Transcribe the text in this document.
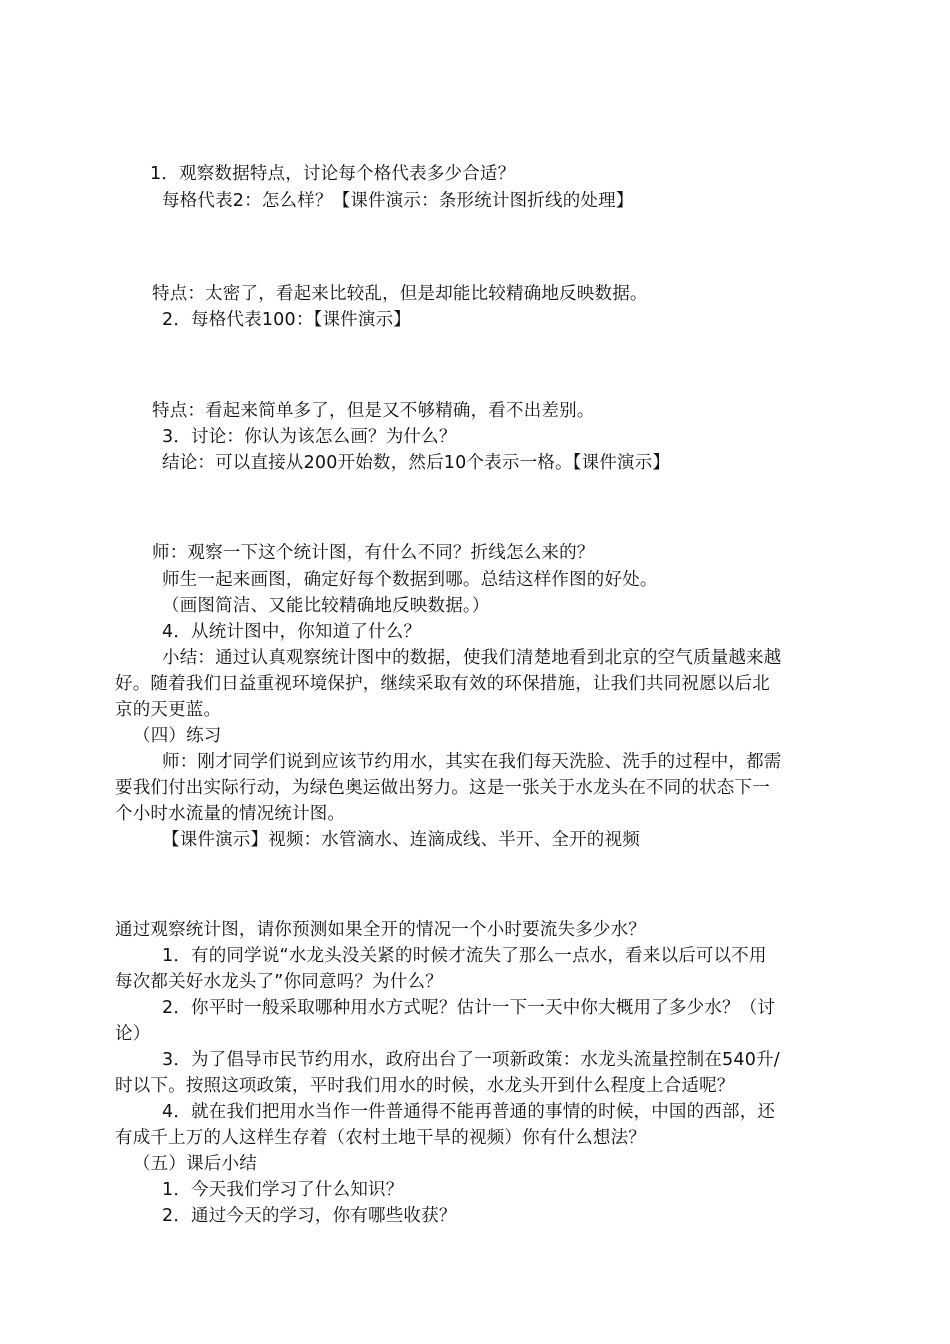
1．观察数据特点，讨论每个格代表多少合适？
每格代表2：怎么样？【课件演示：条形统计图折线的处理】
特点：太密了，看起来比较乱，但是却能比较精确地反映数据。
2．每格代表100：【课件演示】
特点：看起来简单多了，但是又不够精确，看不出差别。
3．讨论：你认为该怎么画？为什么？
结论：可以直接从200开始数，然后10个表示一格。【课件演示】
师：观察一下这个统计图，有什么不同？折线怎么来的？
师生一起来画图，确定好每个数据到哪。总结这样作图的好处。
（画图简洁、又能比较精确地反映数据。）
4．从统计图中，你知道了什么？
小结：通过认真观察统计图中的数据，使我们清楚地看到北京的空气质量越来越
好。随着我们日益重视环境保护，继续采取有效的环保措施，让我们共同祝愿以后北
京的天更蓝。
（四）练习
师：刚才同学们说到应该节约用水，其实在我们每天洗脸、洗手的过程中，都需
要我们付出实际行动，为绿色奥运做出努力。这是一张关于水龙头在不同的状态下一
个小时水流量的情况统计图。
【课件演示】视频：水管滴水、连滴成线、半开、全开的视频
通过观察统计图，请你预测如果全开的情况一个小时要流失多少水？
1．有的同学说“水龙头没关紧的时候才流失了那么一点水，看来以后可以不用
每次都关好水龙头了”你同意吗？为什么？
2．你平时一般采取哪种用水方式呢？估计一下一天中你大概用了多少水？（讨
论）
3．为了倡导市民节约用水，政府出台了一项新政策：水龙头流量控制在540升/
时以下。按照这项政策，平时我们用水的时候，水龙头开到什么程度上合适呢？
4．就在我们把用水当作一件普通得不能再普通的事情的时候，中国的西部，还
有成千上万的人这样生存着（农村土地干旱的视频）你有什么想法？
（五）课后小结
1．今天我们学习了什么知识？
2．通过今天的学习，你有哪些收获？
